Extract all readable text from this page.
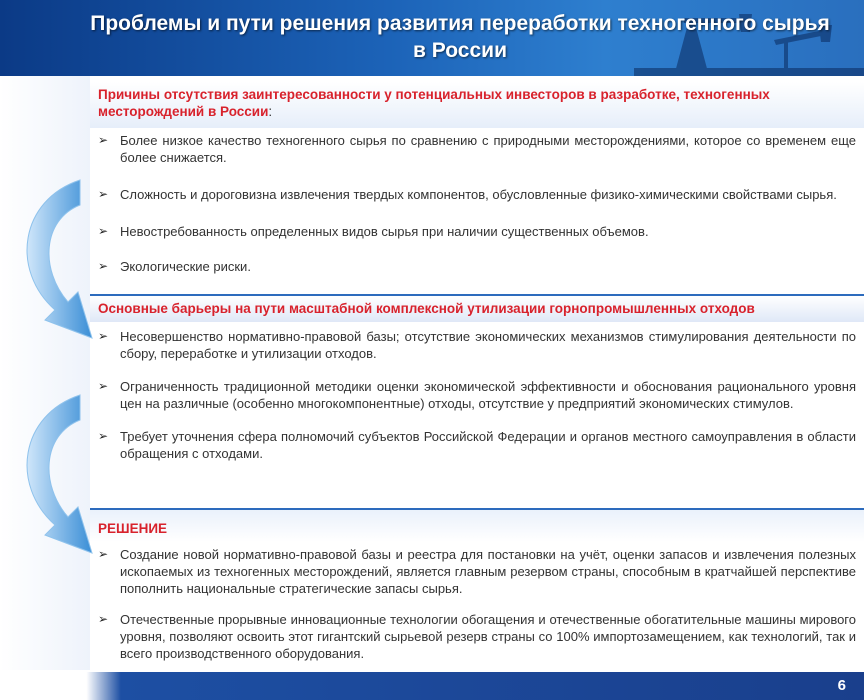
Проблемы и пути решения развития переработки техногенного сырья
в России
Причины отсутствия заинтересованности у потенциальных инвесторов в разработке, техногенных месторождений в России:
➢ Более низкое качество техногенного сырья по сравнению с природными месторождениями, которое со временем еще более снижается.
➢ Сложность и дороговизна извлечения твердых компонентов, обусловленные физико-химическими свойствами сырья.
➢ Невостребованность определенных видов сырья при наличии существенных объемов.
➢ Экологические риски.
Основные барьеры на пути масштабной комплексной утилизации горнопромышленных отходов
➢ Несовершенство нормативно-правовой базы; отсутствие экономических механизмов стимулирования деятельности по сбору, переработке и утилизации отходов.
➢ Ограниченность традиционной методики оценки экономической эффективности и обоснования рационального уровня цен на различные (особенно многокомпонентные) отходы, отсутствие у предприятий экономических стимулов.
➢ Требует уточнения сфера полномочий субъектов Российской Федерации и органов местного самоуправления в области обращения с отходами.
РЕШЕНИЕ
➢ Создание новой нормативно-правовой базы и реестра для постановки на учёт, оценки запасов и извлечения полезных ископаемых из техногенных месторождений, является главным резервом страны, способным в кратчайшей перспективе пополнить национальные стратегические запасы сырья.
➢ Отечественные прорывные инновационные технологии обогащения и отечественные обогатительные машины мирового уровня, позволяют освоить этот гигантский сырьевой резерв страны со 100% импортозамещением, как технологий, так и всего производственного оборудования.
6
